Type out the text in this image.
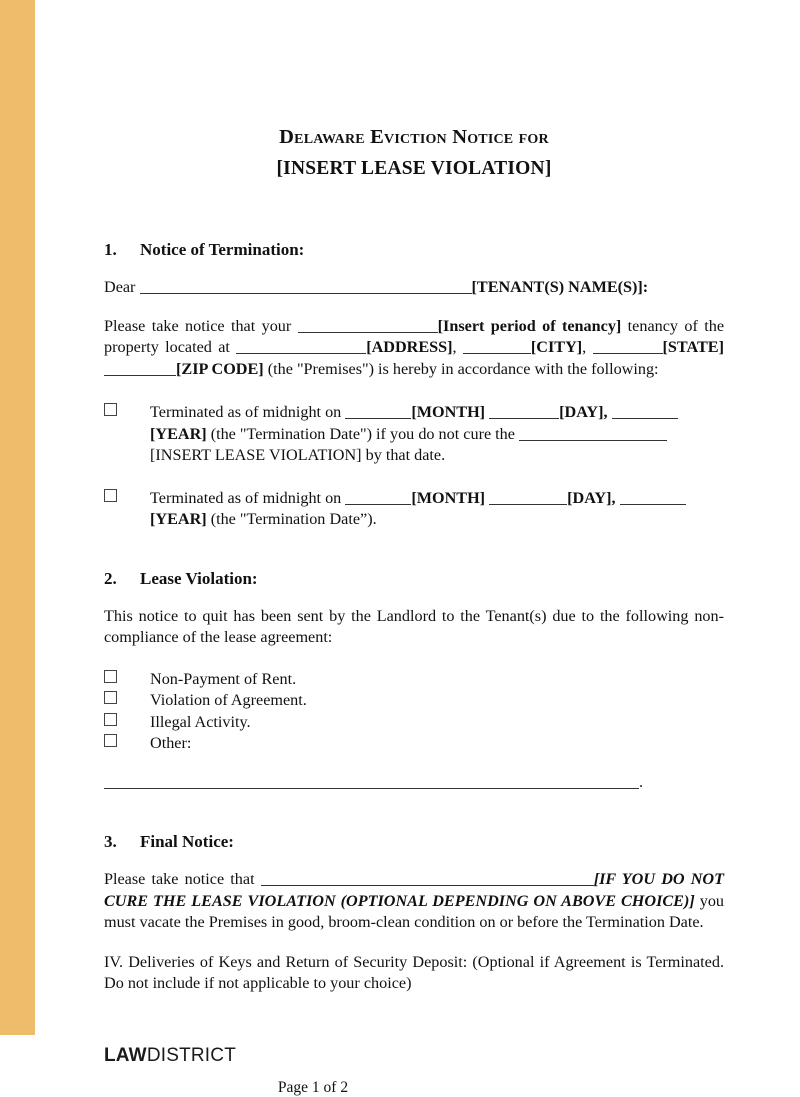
Delaware Eviction Notice for
[INSERT LEASE VIOLATION]
1. Notice of Termination:

Dear	[TENANT(S) NAME(S)]:

Please take notice that your	[Insert period of tenancy] tenancy of the property located at	[ADDRESS],	[CITY],	[STATE] [ZIP CODE] (the "Premises") is hereby in accordance with the following:

Terminated as of midnight on	[MONTH]	[DAY], [YEAR] (the "Termination Date") if you do not cure the [INSERT LEASE VIOLATION] by that date.
Terminated as of midnight on	[MONTH]	[DAY], [YEAR] (the "Termination Date”).
2. Lease Violation:

This notice to quit has been sent by the Landlord to the Tenant(s) due to the following non-compliance of the lease agreement:

Non-Payment of Rent.
Violation of Agreement.
Illegal Activity.
Other:

.

3. Final Notice:

Please take notice that	[IF YOU DO NOT CURE THE LEASE VIOLATION (OPTIONAL DEPENDING ON ABOVE CHOICE)] you must vacate the Premises in good, broom-clean condition on or before the Termination Date.

IV. Deliveries of Keys and Return of Security Deposit: (Optional if Agreement is Terminated. Do not include if not applicable to your choice)

LAWDISTRICT
Page 1 of 2
